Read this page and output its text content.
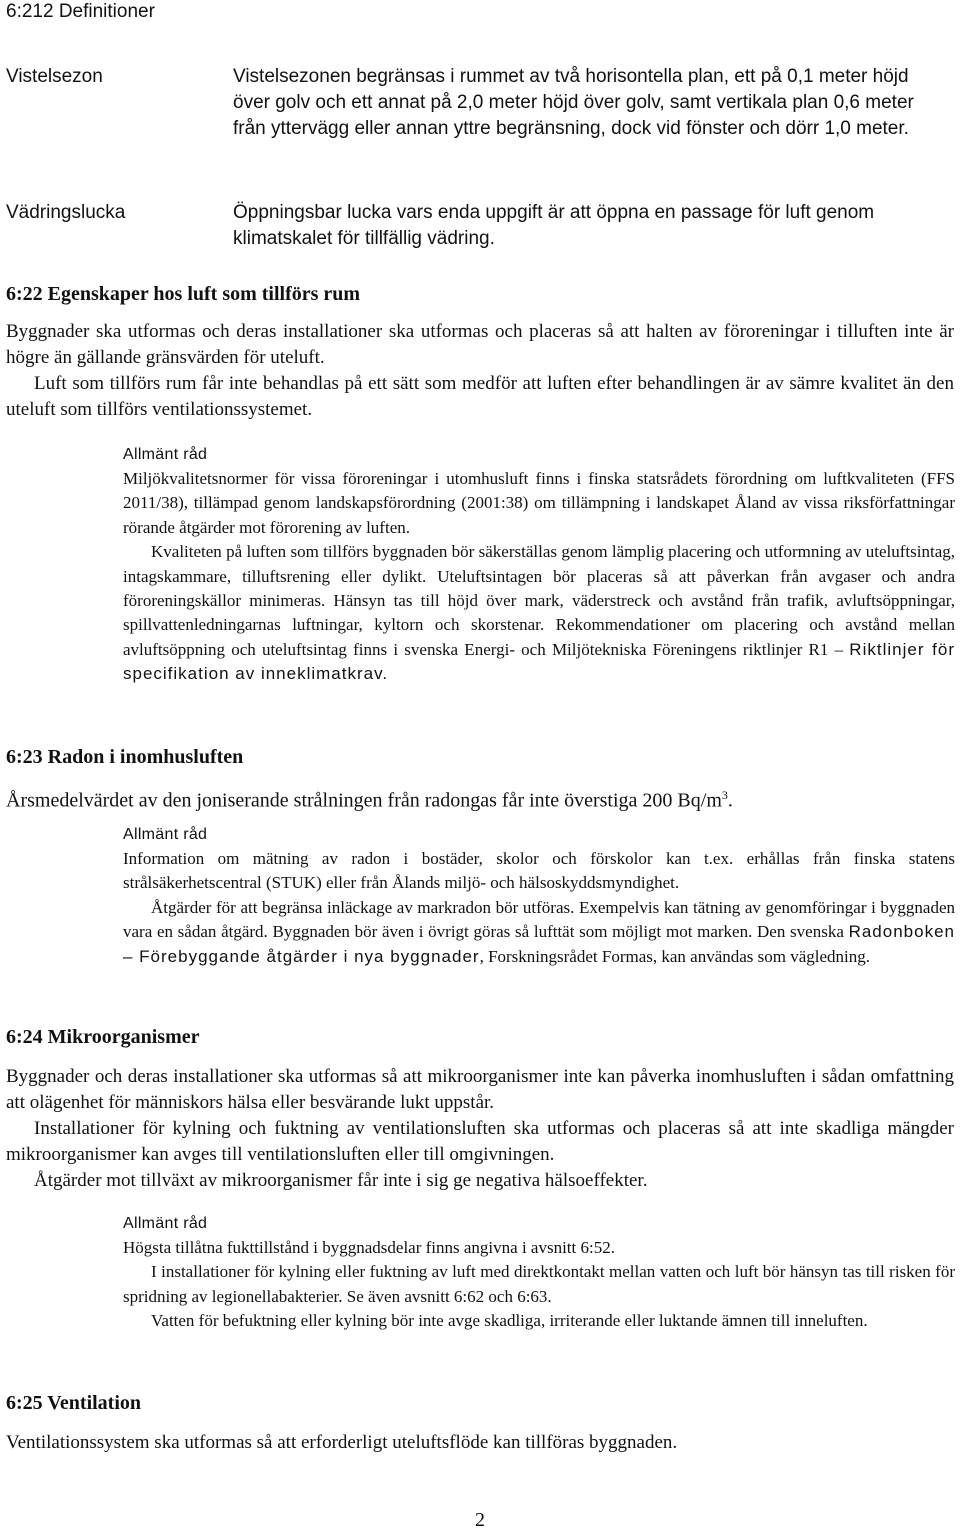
6:212 Definitioner
Vistelsezon	Vistelsezonen begränsas i rummet av två horisontella plan, ett på 0,1 meter höjd över golv och ett annat på 2,0 meter höjd över golv, samt vertikala plan 0,6 meter från yttervägg eller annan yttre begränsning, dock vid fönster och dörr 1,0 meter.
Vädringslucka	Öppningsbar lucka vars enda uppgift är att öppna en passage för luft genom klimatskalet för tillfällig vädring.
6:22 Egenskaper hos luft som tillförs rum

Byggnader ska utformas och deras installationer ska utformas och placeras så att halten av föroreningar i tilluften inte är högre än gällande gränsvärden för uteluft.

Luft som tillförs rum får inte behandlas på ett sätt som medför att luften efter behandlingen är av sämre kvalitet än den uteluft som tillförs ventilationssystemet.

Allmänt råd

Miljökvalitetsnormer för vissa föroreningar i utomhusluft finns i finska statsrådets förordning om luftkvaliteten (FFS 2011/38), tillämpad genom landskapsförordning (2001:38) om tillämpning i landskapet Åland av vissa riksförfattningar rörande åtgärder mot förorening av luften.

Kvaliteten på luften som tillförs byggnaden bör säkerställas genom lämplig placering och utformning av uteluftsintag, intagskammare, tilluftsrening eller dylikt. Uteluftsintagen bör placeras så att påverkan från avgaser och andra föroreningskällor minimeras. Hänsyn tas till höjd över mark, väderstreck och avstånd från trafik, avluftsöppningar, spillvattenledningarnas luftningar, kyltorn och skorstenar. Rekommendationer om placering och avstånd mellan avluftsöppning och uteluftsintag finns i svenska Energi- och Miljötekniska Föreningens riktlinjer R1 – Riktlinjer för specifikation av inneklimatkrav.

6:23 Radon i inomhusluften

Årsmedelvärdet av den joniserande strålningen från radongas får inte överstiga 200 $Bq/m^3$.

Allmänt råd

Information om mätning av radon i bostäder, skolor och förskolor kan t.ex. erhållas från finska statens strålsäkerhetscentral (STUK) eller från Ålands miljö- och hälsoskyddsmyndighet.

Åtgärder för att begränsa inläckage av markradon bör utföras. Exempelvis kan tätning av genomföringar i byggnaden vara en sådan åtgärd. Byggnaden bör även i övrigt göras så lufttät som möjligt mot marken. Den svenska Radonboken – Förebyggande åtgärder i nya byggnader, Forskningsrådet Formas, kan användas som vägledning.

6:24 Mikroorganismer

Byggnader och deras installationer ska utformas så att mikroorganismer inte kan påverka inomhusluften i sådan omfattning att olägenhet för människors hälsa eller besvärande lukt uppstår.

Installationer för kylning och fuktning av ventilationsluften ska utformas och placeras så att inte skadliga mängder mikroorganismer kan avges till ventilationsluften eller till omgivningen.

Åtgärder mot tillväxt av mikroorganismer får inte i sig ge negativa hälsoeffekter.

Allmänt råd

Högsta tillåtna fukttillstånd i byggnadsdelar finns angivna i avsnitt 6:52.

I installationer för kylning eller fuktning av luft med direktkontakt mellan vatten och luft bör hänsyn tas till risken för spridning av legionellabakterier. Se även avsnitt 6:62 och 6:63.

Vatten för befuktning eller kylning bör inte avge skadliga, irriterande eller luktande ämnen till inneluften.

6:25 Ventilation

Ventilationssystem ska utformas så att erforderligt uteluftsflöde kan tillföras byggnaden.

2
